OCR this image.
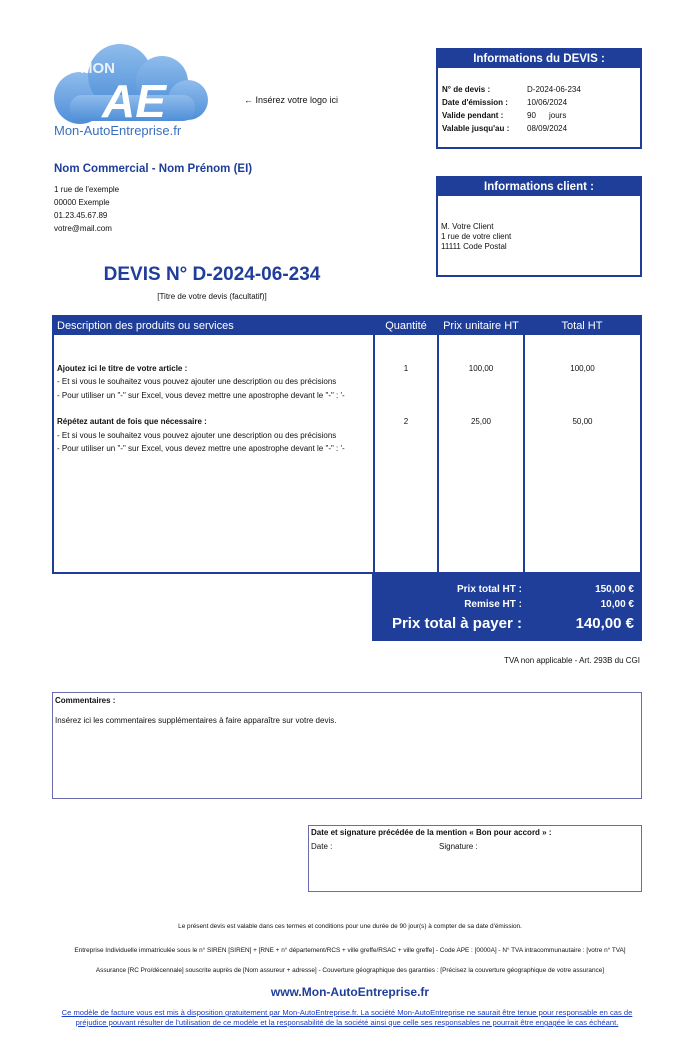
MON
AE
Mon-AutoEntreprise.fr
← Insérez votre logo ici
Informations du DEVIS :
N° de devis :	D-2024-06-234
Date d'émission : 10/06/2024
Valide pendant :	90 jours
Valable jusqu'au : 08/09/2024
Nom Commercial - Nom Prénom (EI)
1 rue de l'exemple
00000 Exemple
01.23.45.67.89
votre@mail.com
Informations client :
M. Votre Client
1 rue de votre client
11111 Code Postal
DEVIS N° D-2024-06-234
[Titre de votre devis (facultatif)]
Description des produits ou services	Quantité	Prix unitaire HT	Total HT
Ajoutez ici le titre de votre article :
- Et si vous le souhaitez vous pouvez ajouter une description ou des précisions
- Pour utiliser un "-" sur Excel, vous devez mettre une apostrophe devant le "-" : '-
1	100,00	100,00
Répétez autant de fois que nécessaire :
- Et si vous le souhaitez vous pouvez ajouter une description ou des précisions
- Pour utiliser un "-" sur Excel, vous devez mettre une apostrophe devant le "-" : '-
2	25,00	50,00
Prix total HT :	150,00 €
Remise HT :	10,00 €
Prix total à payer :	140,00 €
TVA non applicable - Art. 293B du CGI
Commentaires :
Insérez ici les commentaires supplémentaires à faire apparaître sur votre devis.
Date et signature précédée de la mention « Bon pour accord » :
Date :	Signature :
Le présent devis est valable dans ces termes et conditions pour une durée de 90 jour(s) à compter de sa date d'émission.
Entreprise Individuelle immatriculée sous le n° SIREN [SIREN] + [RNE + n° département/RCS + ville greffe/RSAC + ville greffe] - Code APE : [0000A] - N° TVA intracommunautaire : [votre n° TVA]
Assurance [RC Pro/décennale] souscrite auprès de [Nom assureur + adresse] - Couverture géographique des garanties : [Précisez la couverture géographique de votre assurance]
www.Mon-AutoEntreprise.fr
Ce modèle de facture vous est mis à disposition gratuitement par Mon-AutoEntreprise.fr. La société Mon-AutoEntreprise ne saurait être tenue pour responsable en cas de préjudice pouvant résulter de l'utilisation de ce modèle et la responsabilité de la société ainsi que celle ses responsables ne pourrait être engagée le cas échéant.
